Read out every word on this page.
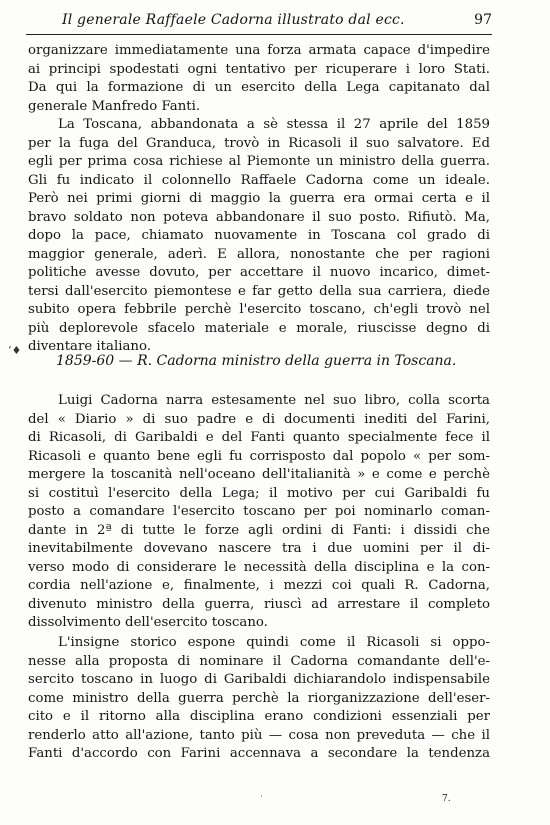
Il generale Raffaele Cadorna illustrato dal ecc.	97
organizzare immediatamente una forza armata capace d'impedire
ai principi spodestati ogni tentativo per ricuperare i loro Stati.
Da qui la formazione di un esercito della Lega capitanato dal
generale Manfredo Fanti.
La Toscana, abbandonata a sè stessa il 27 aprile del 1859
per la fuga del Granduca, trovò in Ricasoli il suo salvatore. Ed
egli per prima cosa richiese al Piemonte un ministro della guerra.
Gli fu indicato il colonnello Raffaele Cadorna come un ideale.
Però nei primi giorni di maggio la guerra era ormai certa e il
bravo soldato non poteva abbandonare il suo posto. Rifiutò. Ma,
dopo la pace, chiamato nuovamente in Toscana col grado di
maggior generale, aderì. E allora, nonostante che per ragioni
politiche avesse dovuto, per accettare il nuovo incarico, dimet-
tersi dall'esercito piemontese e far getto della sua carriera, diede
subito opera febbrile perchè l'esercito toscano, ch'egli trovò nel
più deplorevole sfacelo materiale e morale, riuscisse degno di
diventare italiano.
‘♦
1859-60 — R. Cadorna ministro della guerra in Toscana.
Luigi Cadorna narra estesamente nel suo libro, colla scorta
del « Diario » di suo padre e di documenti inediti del Farini,
di Ricasoli, di Garibaldi e del Fanti quanto specialmente fece il
Ricasoli e quanto bene egli fu corrisposto dal popolo « per som-
mergere la toscanità nell'oceano dell'italianità » e come e perchè
si costituì l'esercito della Lega; il motivo per cui Garibaldi fu
posto a comandare l'esercito toscano per poi nominarlo coman-
dante in 2ª di tutte le forze agli ordini di Fanti: i dissidi che
inevitabilmente dovevano nascere tra i due uomini per il di-
verso modo di considerare le necessità della disciplina e la con-
cordia nell'azione e, finalmente, i mezzi coi quali R. Cadorna,
divenuto ministro della guerra, riuscì ad arrestare il completo
dissolvimento dell'esercito toscano.
L'insigne storico espone quindi come il Ricasoli si oppo-
nesse alla proposta di nominare il Cadorna comandante dell'e-
sercito toscano in luogo di Garibaldi dichiarandolo indispensabile
come ministro della guerra perchè la riorganizzazione dell'eser-
cito e il ritorno alla disciplina erano condizioni essenziali per
renderlo atto all'azione, tanto più — cosa non preveduta — che il
Fanti d'accordo con Farini accennava a secondare la tendenza
·	7.
